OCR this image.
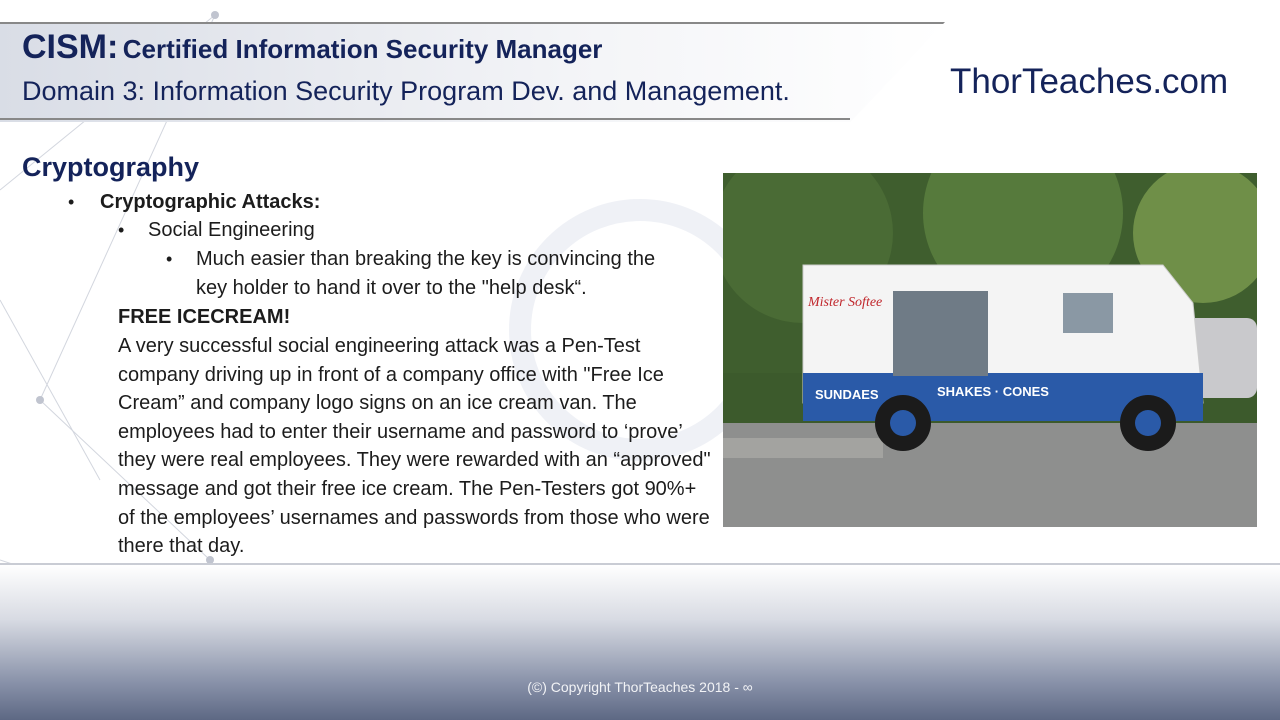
CISM: Certified Information Security Manager
Domain 3: Information Security Program Dev. and Management.	ThorTeaches.com
Cryptography
• Cryptographic Attacks:
• Social Engineering
• Much easier than breaking the key is convincing the
key holder to hand it over to the "help desk“.
FREE ICECREAM!
A very successful social engineering attack was a Pen-Test company driving up in front of a company office with "Free Ice Cream” and company logo signs on an ice cream van. The employees had to enter their username and password to ‘prove’ they were real employees. They were rewarded with an “approved" message and got their free ice cream. The Pen-Testers got 90%+ of the employees’ usernames and passwords from those who were there that day.
Mister Softee
SUNDAES	SHAKES · CONES
(©) Copyright ThorTeaches 2018 - ∞
